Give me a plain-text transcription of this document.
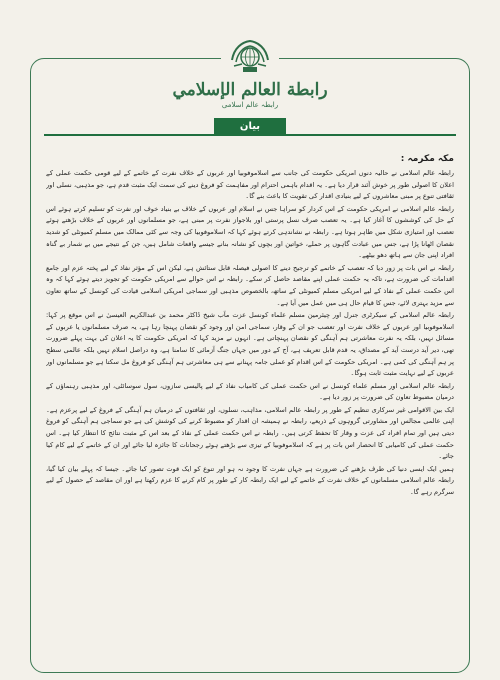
رابطة العالم الإسلامي
رابطہ عالم اسلامی
بیان
مکہ مکرمہ :

رابطہ عالم اسلامی نے حالیہ دنوں امریکی حکومت کی جانب سے اسلاموفوبیا اور عربوں کے خلاف نفرت کے خاتمے کے لیے قومی حکمت عملی کے اعلان کا اصولی طور پر خوش آئند قرار دیا ہے۔ یہ اقدام باہمی احترام اور مفاہمت کو فروغ دینے کی سمت ایک مثبت قدم ہے، جو مذہبی، نسلی اور ثقافتی تنوع پر مبنی معاشروں کے لیے بنیادی اقدار کی تقویت کا باعث بنے گا۔

رابطہ عالم اسلامی نے امریکی حکومت کے اس کردار کو سراہا جس نے اسلام اور عربوں کے خلاف بے بنیاد خوف اور نفرت کو تسلیم کرتے ہوئے اس کے حل کی کوششوں کا آغاز کیا ہے۔ یہ تعصب صرف نسل پرستی اور بلاجواز نفرت پر مبنی ہے، جو مسلمانوں اور عربوں کے خلاف بڑھتے ہوئے تعصب اور امتیازی شکل میں ظاہر ہوتا ہے۔ رابطہ نے نشاندہی کرتے ہوئے کہا کہ اسلاموفوبیا کی وجہ سے کئی ممالک میں مسلم کمیونٹی کو شدید نقصان اٹھانا پڑا ہے، جس میں عبادت گاہوں پر حملے، خواتین اور بچوں کو نشانہ بنانے جیسے واقعات شامل ہیں، جن کے نتیجے میں بے شمار بے گناہ افراد اپنی جان سے ہاتھ دھو بیٹھے۔

رابطہ نے اس بات پر زور دیا کہ تعصب کے خاتمے کو ترجیح دینے کا اصولی فیصلہ قابل ستائش ہے، لیکن اس کے مؤثر نفاذ کے لیے پختہ عزم اور جامع اقدامات کی ضرورت ہے، تاکہ یہ حکمت عملی اپنے مقاصد حاصل کر سکے۔ رابطہ نے اس حوالے سے امریکی حکومت کو تجویز دیتے ہوئے کہا کہ وہ اس حکمت عملی کے نفاذ کے لیے امریکی مسلم کمیونٹی کے ساتھ، بالخصوص مذہبی اور سماجی امریکی اسلامی قیادت کی کونسل کے ساتھ تعاون سے مزید بہتری لائے، جس کا قیام حال ہی میں عمل میں آیا ہے۔

رابطہ عالم اسلامی کے سیکرٹری جنرل اور چیئرمین مسلم علماء کونسل عزت مآب شیخ ڈاکٹر محمد بن عبدالکریم العیسیٰ نے اس موقع پر کہا: اسلاموفوبیا اور عربوں کے خلاف نفرت اور تعصب جو ان کے وقار، سماجی امن اور وجود کو نقصان پہنچا رہا ہے، یہ صرف مسلمانوں یا عربوں کے مسائل نہیں، بلکہ یہ نفرت معاشرتی ہم آہنگی کو نقصان پہنچاتی ہے۔ انہوں نے مزید کہا کہ امریکی حکومت کا یہ اعلان کی بہت پہلے ضرورت تھی، دیر آید درست آید کے مصداق، یہ قدم قابل تعریف ہے، آج کے دور میں جہاں جنگ آزمائی کا سامنا ہے، وہ دراصل اسلام نہیں بلکہ عالمی سطح پر ہم آہنگی کی کمی ہے۔ امریکی حکومت کے اس اقدام کو عملی جامہ پہنانے سے ہی معاشرتی ہم آہنگی کو فروغ مل سکتا ہے جو مسلمانوں اور عربوں کے لیے نہایت مثبت ثابت ہوگا۔

رابطہ عالم اسلامی اور مسلم علماء کونسل نے اس حکمت عملی کی کامیاب نفاذ کے لیے پالیسی سازوں، سول سوسائٹی، اور مذہبی رہنماؤں کے درمیان مضبوط تعاون کی ضرورت پر زور دیا ہے۔

ایک بین الاقوامی غیر سرکاری تنظیم کے طور پر رابطہ عالم اسلامی، مذاہب، نسلوں، اور ثقافتوں کے درمیان ہم آہنگی کے فروغ کے لیے پرعزم ہے۔ اپنی عالمی مجالس اور مشاورتی گروہوں کے ذریعے، رابطہ نے ہمیشہ ان اقدار کو مضبوط کرنے کی کوشش کی ہے جو سماجی ہم آہنگی کو فروغ دیتی ہیں اور تمام افراد کی عزت و وقار کا تحفظ کرتی ہیں۔ رابطہ نے اس حکمت عملی کے نفاذ کے بعد اس کے مثبت نتائج کا انتظار کیا ہے۔ اس حکمت عملی کی کامیابی کا انحصار اس بات پر ہے کہ اسلاموفوبیا کے تیزی سے بڑھتے ہوئے رجحانات کا جائزہ لیا جائے اور ان کے خاتمے کے لیے کام کیا جائے۔

ہمیں ایک ایسی دنیا کی طرف بڑھنے کی ضرورت ہے جہاں نفرت کا وجود نہ ہو اور تنوع کو ایک قوت تصور کیا جائے۔ جیسا کہ پہلے بیان کیا گیا، رابطہ عالم اسلامی مسلمانوں کے خلاف نفرت کے خاتمے کے لیے ایک رابطہ کار کے طور پر کام کرنے کا عزم رکھتا ہے اور ان مقاصد کے حصول کے لیے سرگرم رہے گا۔
